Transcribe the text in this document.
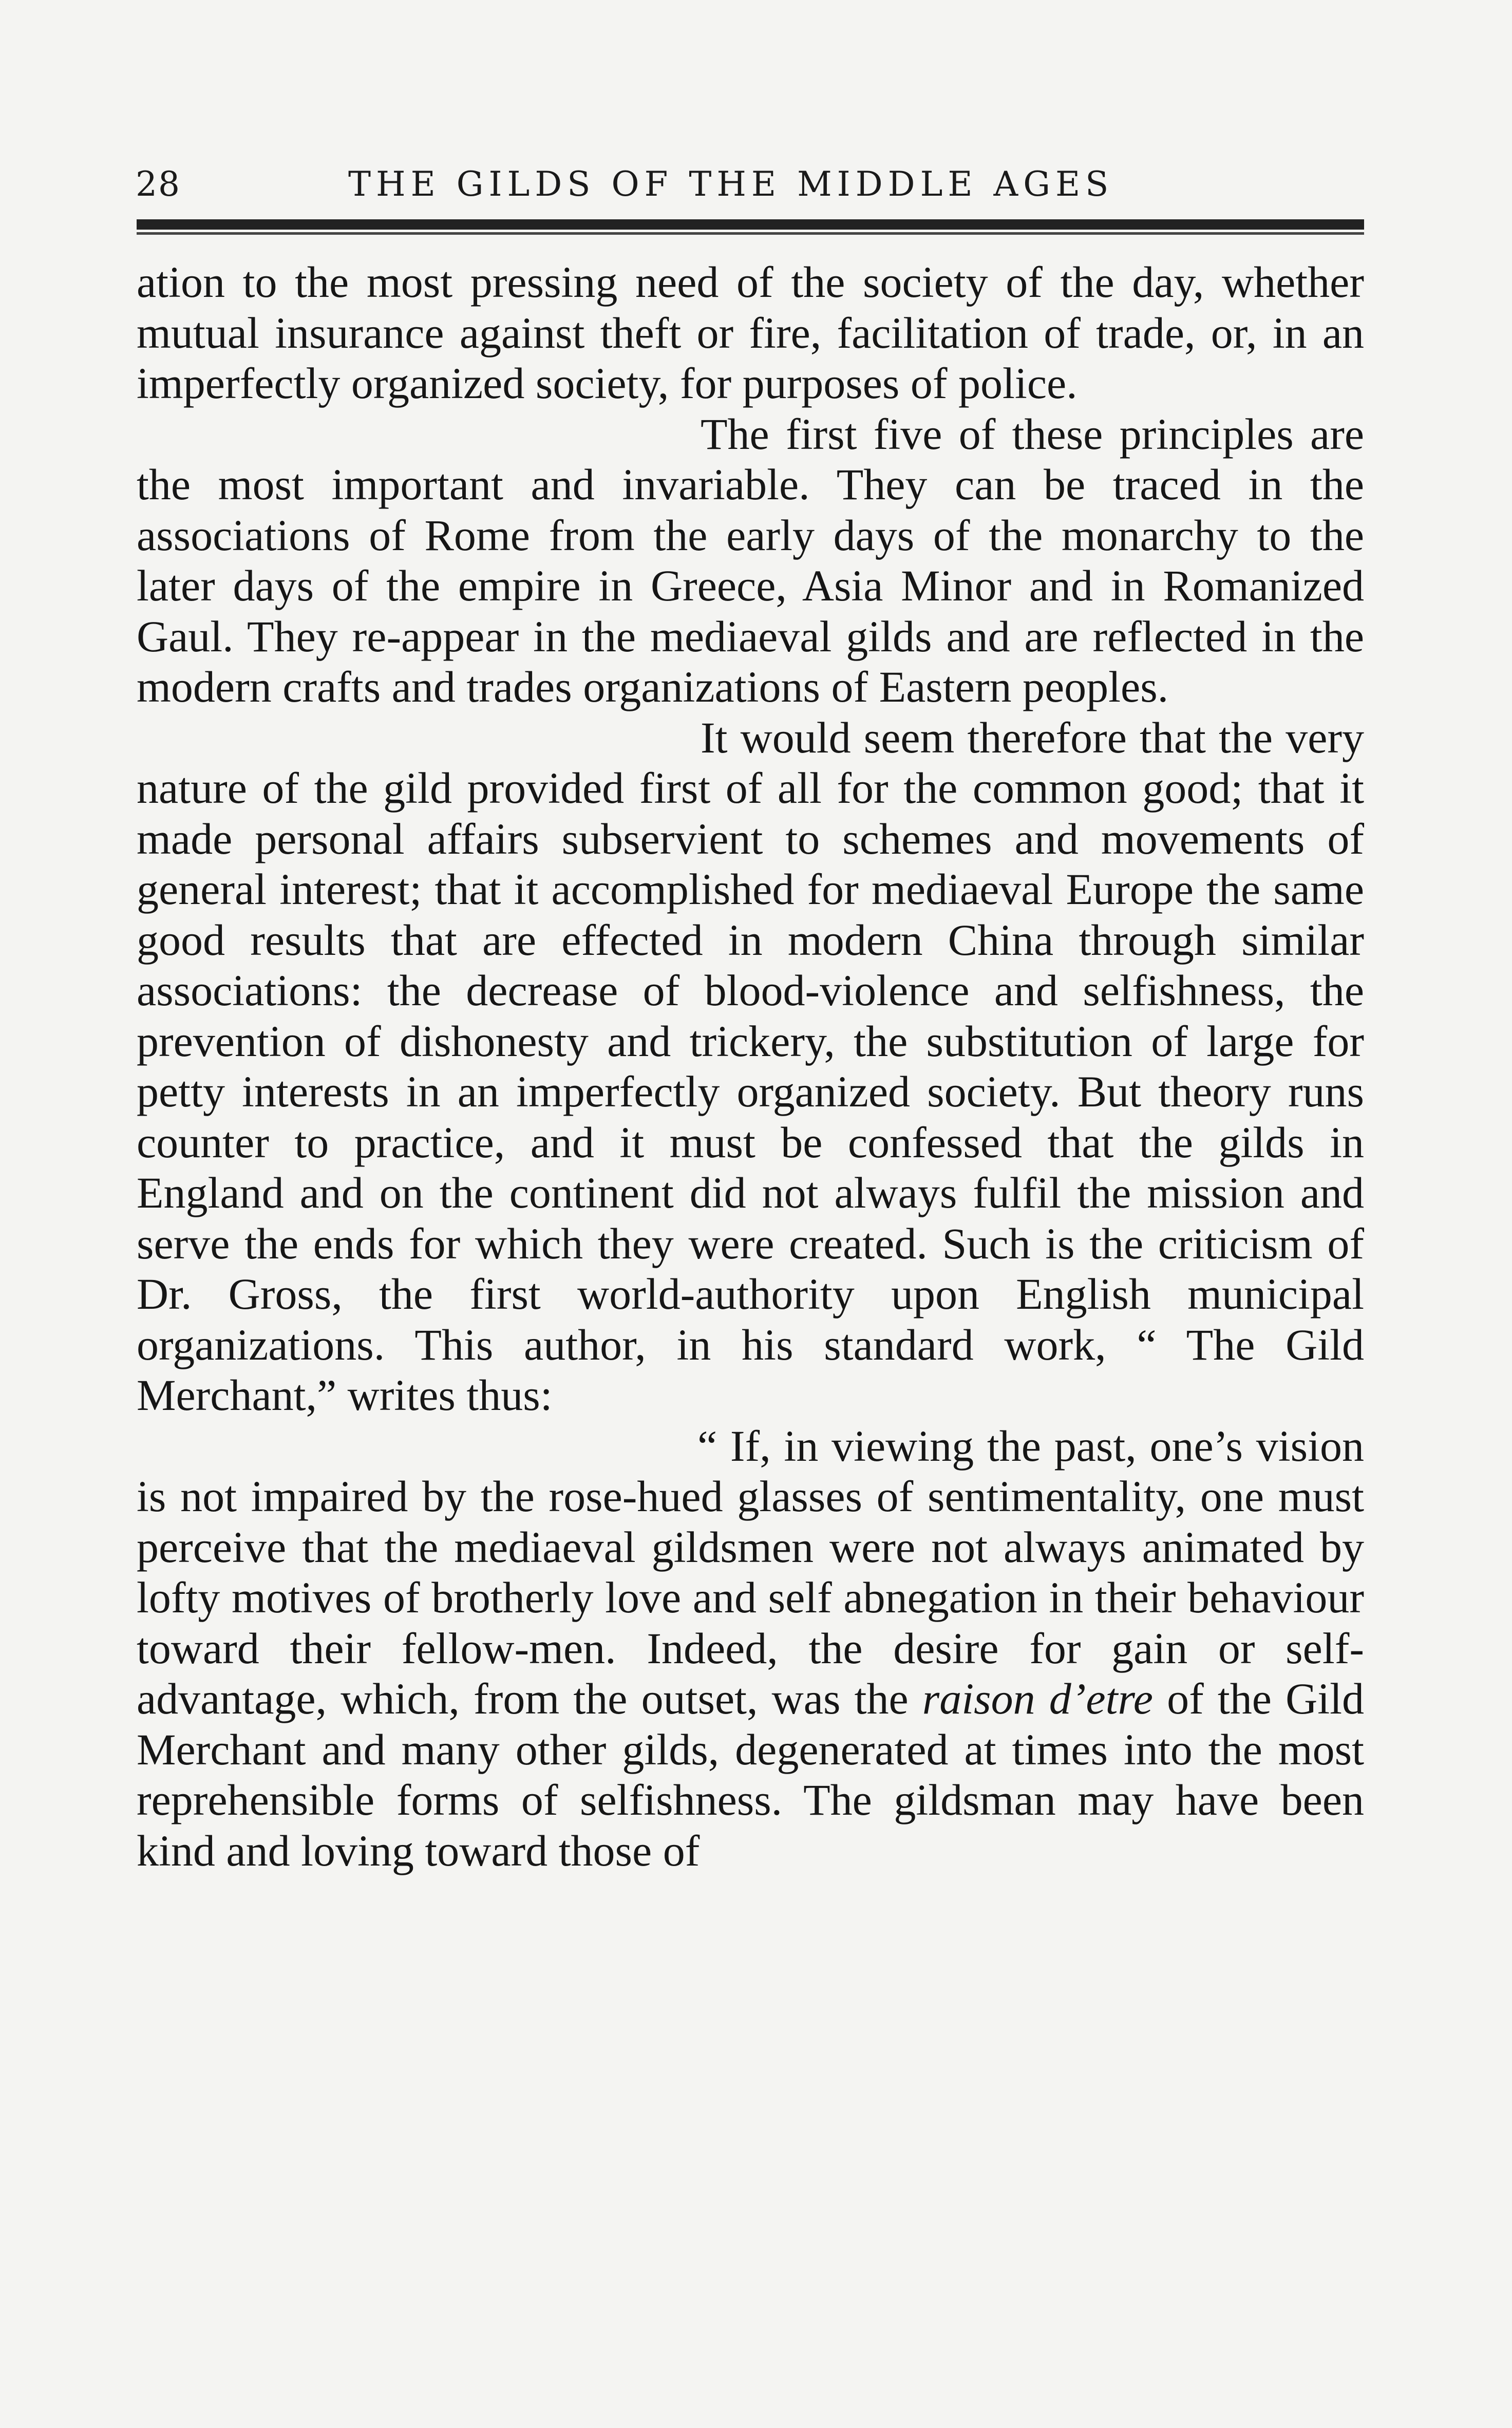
28	THE GILDS OF THE MIDDLE AGES

ation to the most pressing need of the society of the day, whether mutual insurance against theft or fire, facilitation of trade, or, in an imperfectly organized society, for purposes of police.

The first five of these principles are the most important and invariable. They can be traced in the associations of Rome from the early days of the monarchy to the later days of the empire in Greece, Asia Minor and in Romanized Gaul. They re-appear in the mediaeval gilds and are reflected in the modern crafts and trades organizations of Eastern peoples.

It would seem therefore that the very nature of the gild provided first of all for the common good; that it made personal affairs subservient to schemes and movements of general interest; that it accomplished for mediaeval Europe the same good results that are effected in modern China through similar associations: the decrease of blood-violence and selfishness, the prevention of dishonesty and trickery, the substitution of large for petty interests in an imperfectly organized society. But theory runs counter to practice, and it must be confessed that the gilds in England and on the continent did not always fulfil the mission and serve the ends for which they were created. Such is the criticism of Dr. Gross, the first world-authority upon English municipal organizations. This author, in his standard work, “ The Gild Merchant,” writes thus:

“ If, in viewing the past, one’s vision is not impaired by the rose-hued glasses of sentimentality, one must perceive that the mediaeval gildsmen were not always animated by lofty motives of brotherly love and self abnegation in their behaviour toward their fellow-men. Indeed, the desire for gain or self-advantage, which, from the outset, was the raison d’etre of the Gild Merchant and many other gilds, degenerated at times into the most reprehensible forms of selfishness. The gildsman may have been kind and loving toward those of
